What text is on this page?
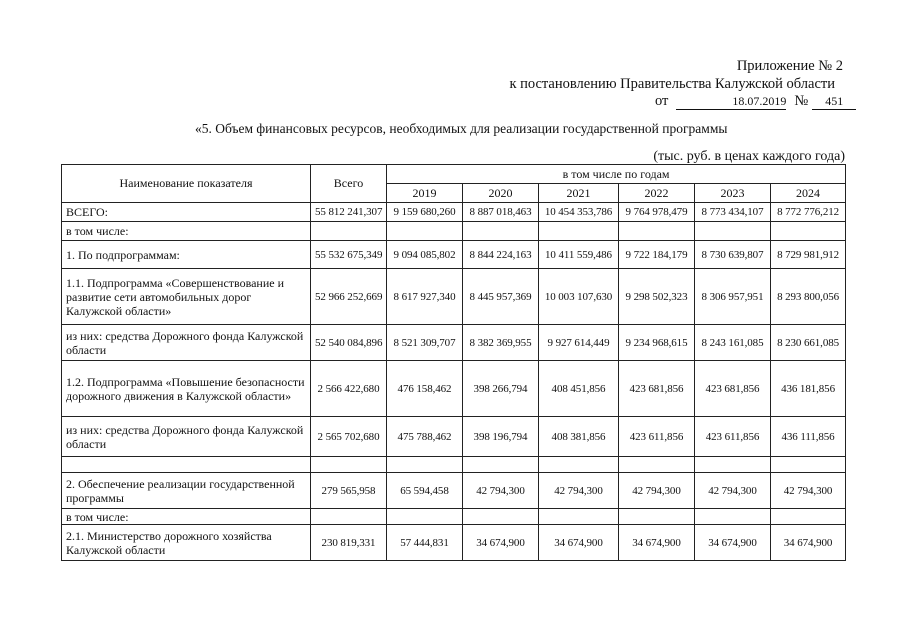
Приложение № 2
к постановлению Правительства Калужской области
от	18.07.2019 № 451
«5. Объем финансовых ресурсов, необходимых для реализации государственной программы
(тыс. руб. в ценах каждого года)
Наименование показателя	Всего	в том числе по годам					
		2019	2020	2021	2022	2023	2024
ВСЕГО:	55 812 241,307	9 159 680,260	8 887 018,463	10 454 353,786	9 764 978,479	8 773 434,107	8 772 776,212
в том числе:							
1. По подпрограммам:	55 532 675,349	9 094 085,802	8 844 224,163	10 411 559,486	9 722 184,179	8 730 639,807	8 729 981,912
1.1. Подпрограмма «Совершенствование и развитие сети автомобильных дорог Калужской области»	52 966 252,669	8 617 927,340	8 445 957,369	10 003 107,630	9 298 502,323	8 306 957,951	8 293 800,056
из них: средства Дорожного фонда Калужской области	52 540 084,896	8 521 309,707	8 382 369,955	9 927 614,449	9 234 968,615	8 243 161,085	8 230 661,085
1.2. Подпрограмма «Повышение безопасности дорожного движения в Калужской области»	2 566 422,680	476 158,462	398 266,794	408 451,856	423 681,856	423 681,856	436 181,856
из них: средства Дорожного фонда Калужской области	2 565 702,680	475 788,462	398 196,794	408 381,856	423 611,856	423 611,856	436 111,856

2. Обеспечение реализации государственной программы	279 565,958	65 594,458	42 794,300	42 794,300	42 794,300	42 794,300	42 794,300
в том числе:							
2.1. Министерство дорожного хозяйства Калужской области	230 819,331	57 444,831	34 674,900	34 674,900	34 674,900	34 674,900	34 674,900
